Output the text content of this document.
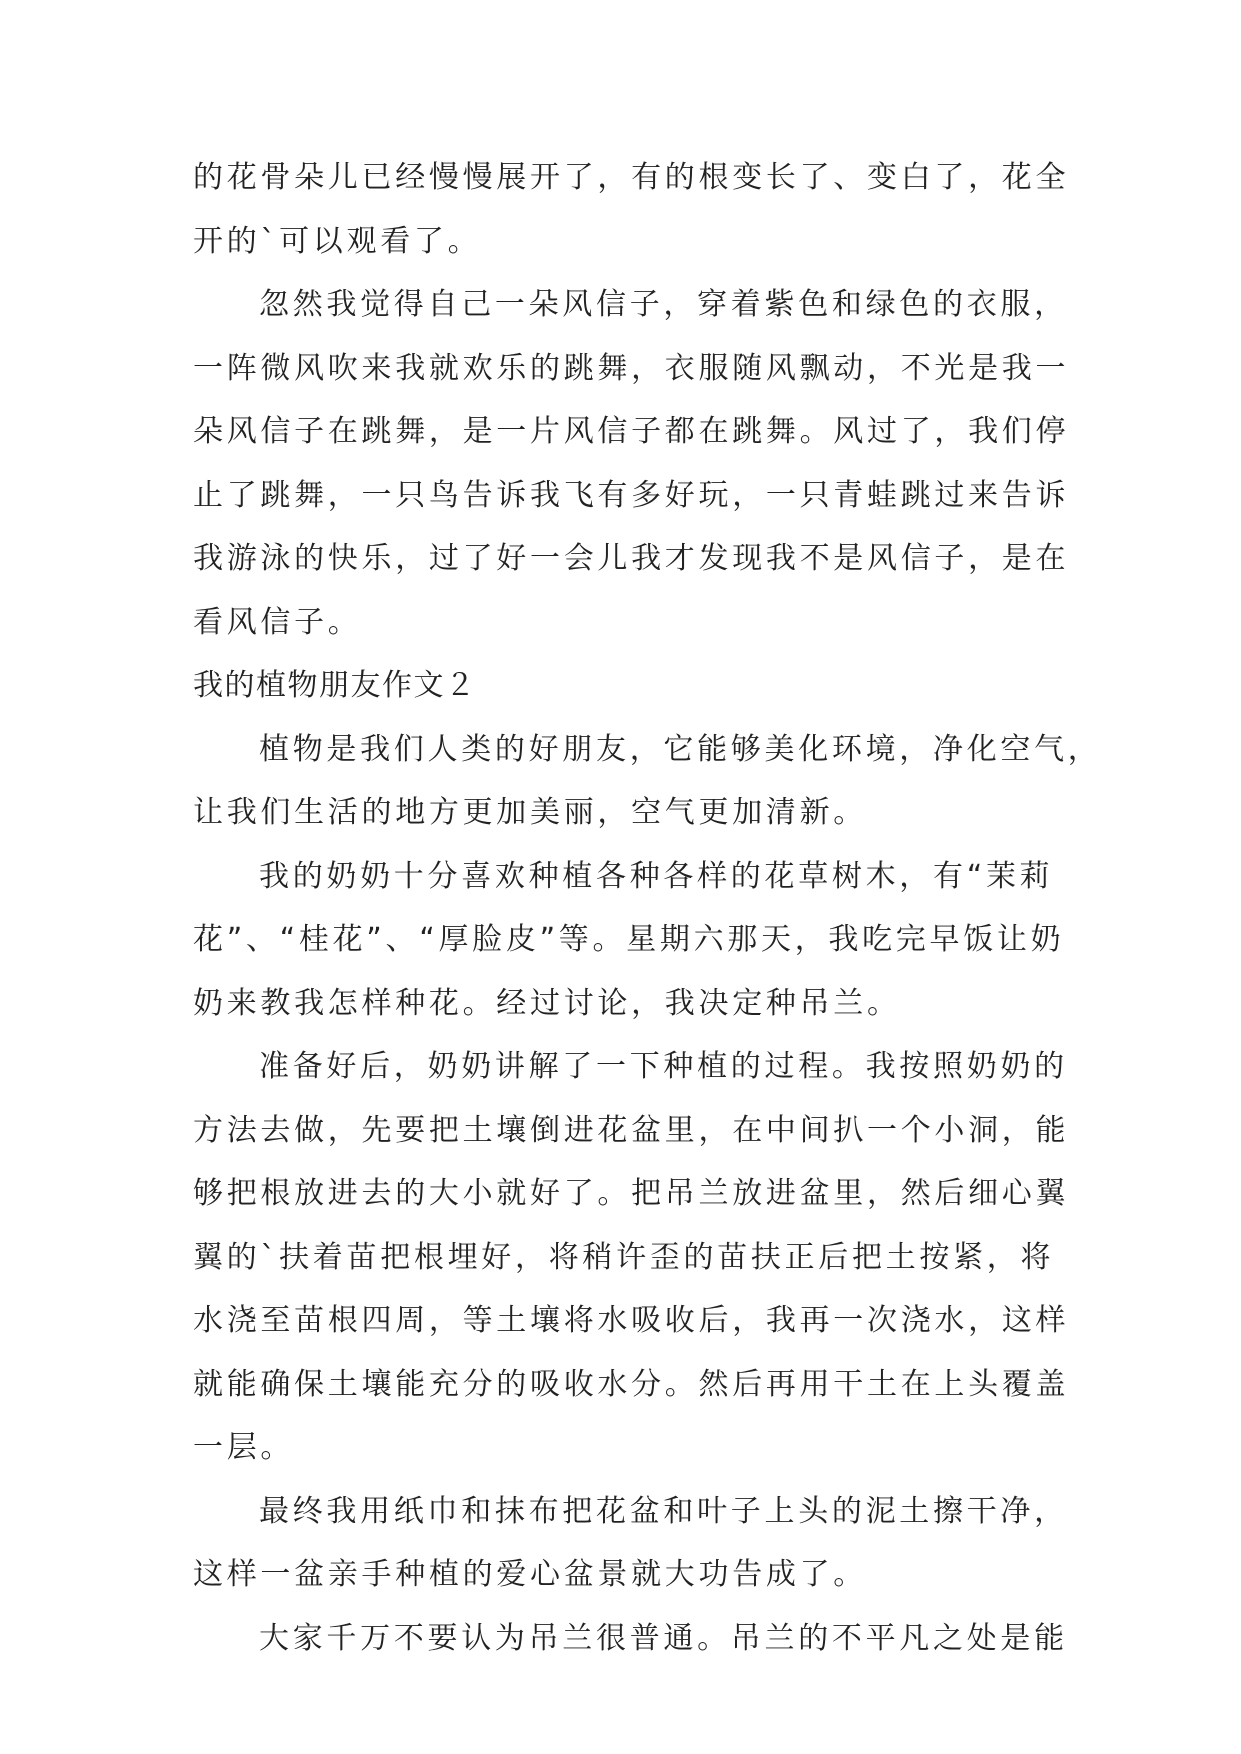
的花骨朵儿已经慢慢展开了，有的根变长了、变白了，花全
开的`可以观看了。
忽然我觉得自己一朵风信子，穿着紫色和绿色的衣服，
一阵微风吹来我就欢乐的跳舞，衣服随风飘动，不光是我一
朵风信子在跳舞，是一片风信子都在跳舞。风过了，我们停
止了跳舞，一只鸟告诉我飞有多好玩，一只青蛙跳过来告诉
我游泳的快乐，过了好一会儿我才发现我不是风信子，是在
看风信子。
我的植物朋友作文２
植物是我们人类的好朋友，它能够美化环境，净化空气，
让我们生活的地方更加美丽，空气更加清新。
我的奶奶十分喜欢种植各种各样的花草树木，有“茉莉
花”、“桂花”、“厚脸皮”等。星期六那天，我吃完早饭让奶
奶来教我怎样种花。经过讨论，我决定种吊兰。
准备好后，奶奶讲解了一下种植的过程。我按照奶奶的
方法去做，先要把土壤倒进花盆里，在中间扒一个小洞，能
够把根放进去的大小就好了。把吊兰放进盆里，然后细心翼
翼的`扶着苗把根埋好，将稍许歪的苗扶正后把土按紧，将
水浇至苗根四周，等土壤将水吸收后，我再一次浇水，这样
就能确保土壤能充分的吸收水分。然后再用干土在上头覆盖
一层。
最终我用纸巾和抹布把花盆和叶子上头的泥土擦干净，
这样一盆亲手种植的爱心盆景就大功告成了。
大家千万不要认为吊兰很普通。吊兰的不平凡之处是能
